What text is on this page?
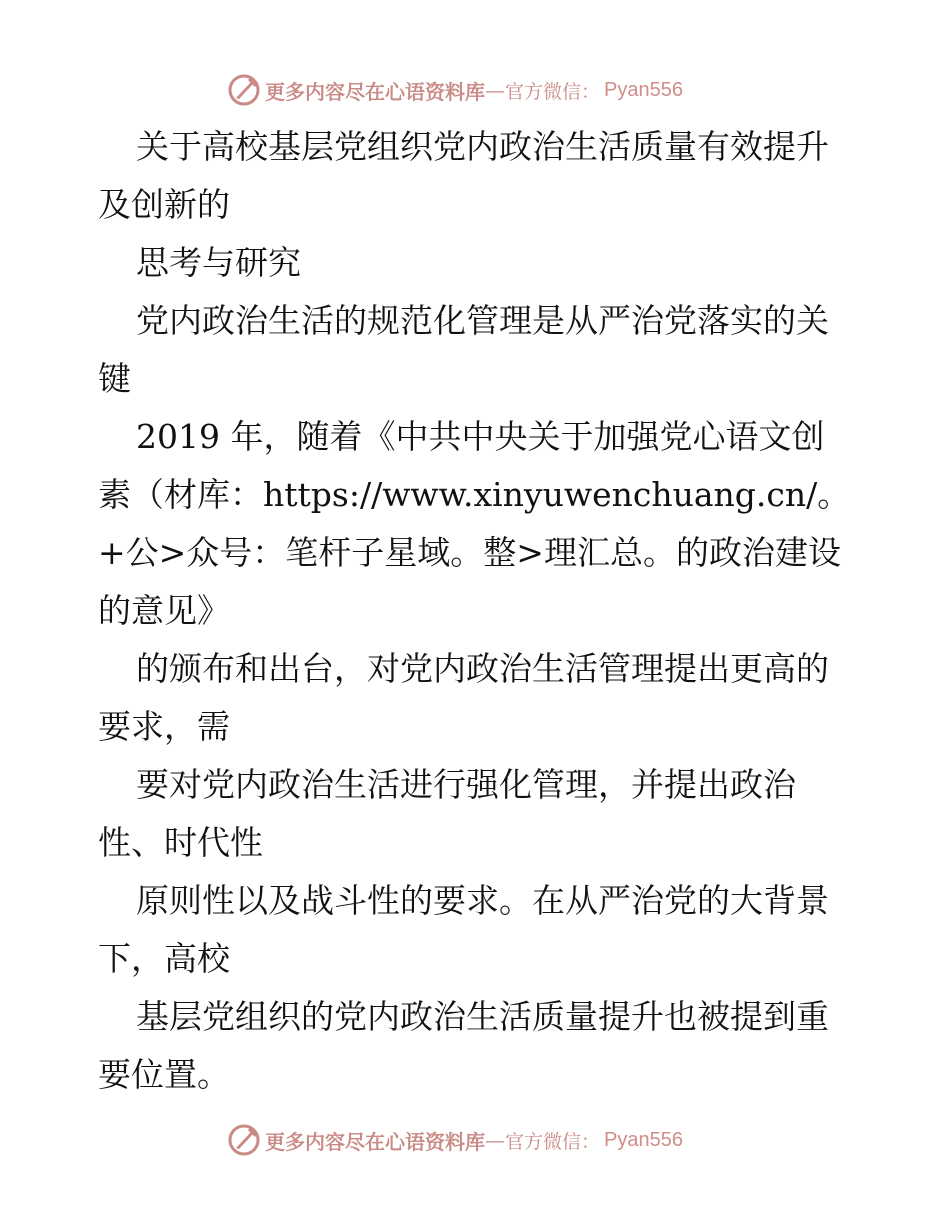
更多内容尽在心语资料库 — 官方微信： Pyan556
关于高校基层党组织党内政治生活质量有效提升
及创新的
思考与研究
党内政治生活的规范化管理是从严治党落实的关
键
2019 年，随着《中共中央关于加强党心语文创
素（材库：https://www.xinyuwenchuang.cn/。
+公>众号：笔杆子星域。整>理汇总。的政治建设
的意见》
的颁布和出台，对党内政治生活管理提出更高的
要求，需
要对党内政治生活进行强化管理，并提出政治
性、时代性
原则性以及战斗性的要求。在从严治党的大背景
下，高校
基层党组织的党内政治生活质量提升也被提到重
要位置。
更多内容尽在心语资料库 — 官方微信： Pyan556
